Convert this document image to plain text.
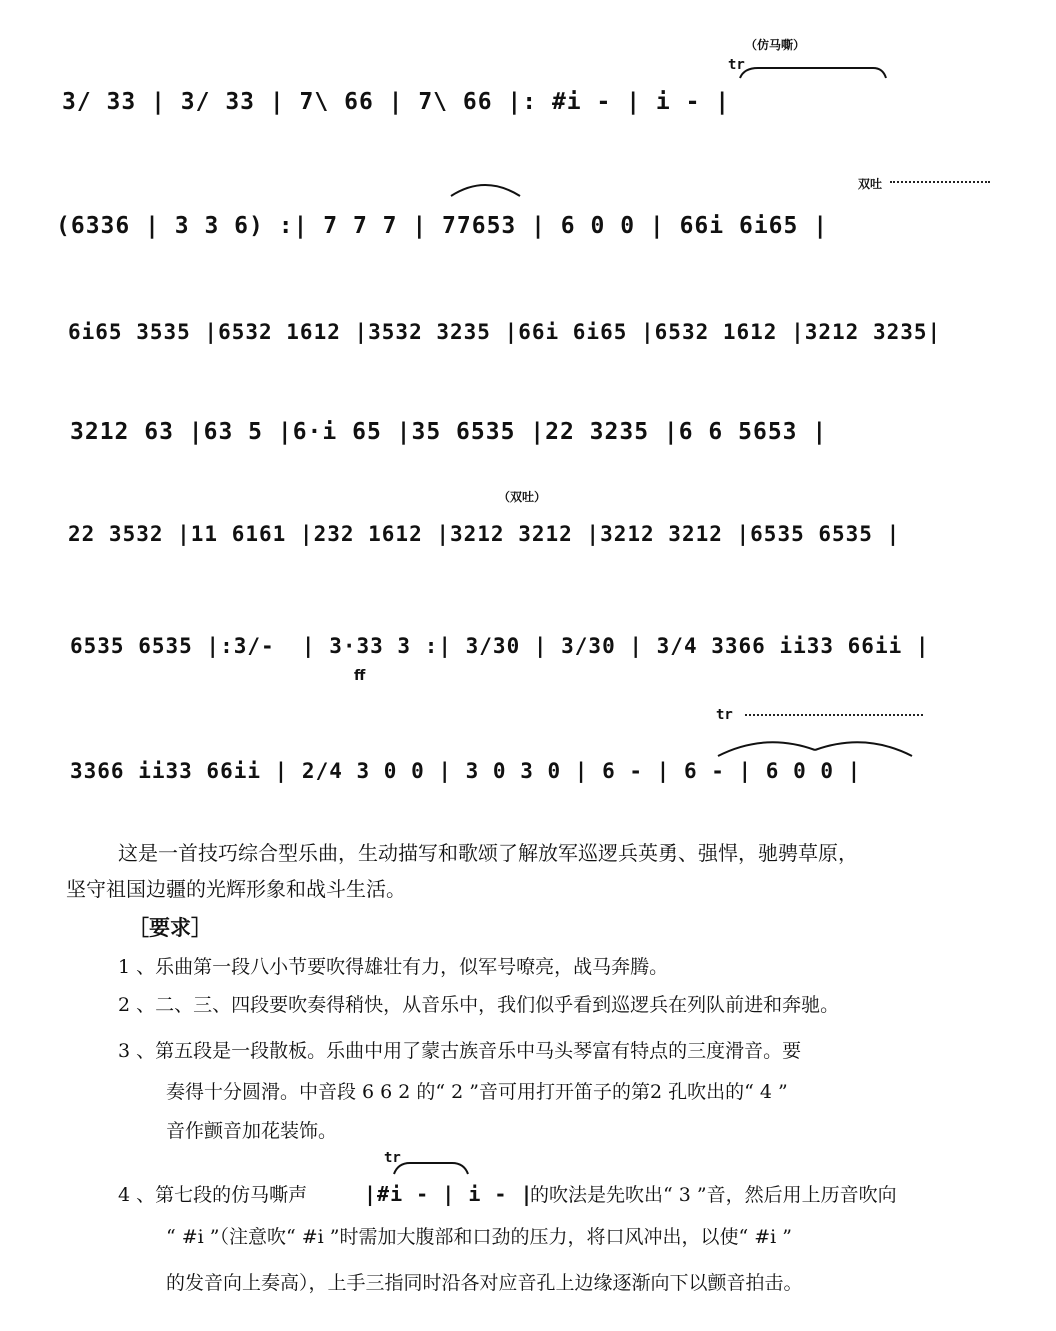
（仿马嘶）
tr
3/ 33 | 3/ 33 | 7\ 66 | 7\ 66 |: #i - | i - |
双吐
(6336 | 3 3 6) :| 7 7 7 | 77653 | 6 0 0 | 66i 6i65 |
6i65 3535 |6532 1612 |3532 3235 |66i 6i65 |6532 1612 |3212 3235|
3212 63 |63 5 |6·i 65 |35 6535 |22 3235 |6 6 5653 |
（双吐）
22 3532 |11 6161 |232 1612 |3212 3212 |3212 3212 |6535 6535 |
6535 6535 |:3/-  | 3·33 3 :| 3/30 | 3/30 | 3/4 3366 ii33 66ii |
ff
tr
3366 ii33 66ii | 2/4 3 0 0 | 3 0 3 0 | 6 - | 6 - | 6 0 0 |
这是一首技巧综合型乐曲，生动描写和歌颂了解放军巡逻兵英勇、强悍，驰骋草原，
坚守祖国边疆的光辉形象和战斗生活。
［要求］
1 、乐曲第一段八小节要吹得雄壮有力，似军号嘹亮，战马奔腾。
2 、二、三、四段要吹奏得稍快，从音乐中，我们似乎看到巡逻兵在列队前进和奔驰。
3 、第五段是一段散板。乐曲中用了蒙古族音乐中马头琴富有特点的三度滑音。要
奏得十分圆滑。中音段 6 6 2 的“ 2 ”音可用打开笛子的第2 孔吹出的“ 4 ”
音作颤音加花装饰。
4 、第七段的仿马嘶声
tr
|#i - | i - |
的吹法是先吹出“ 3 ”音，然后用上历音吹向
“ #i ”（注意吹“ #i ”时需加大腹部和口劲的压力，将口风冲出，以使“ #i ”
的发音向上奏高），上手三指同时沿各对应音孔上边缘逐渐向下以颤音拍击。
